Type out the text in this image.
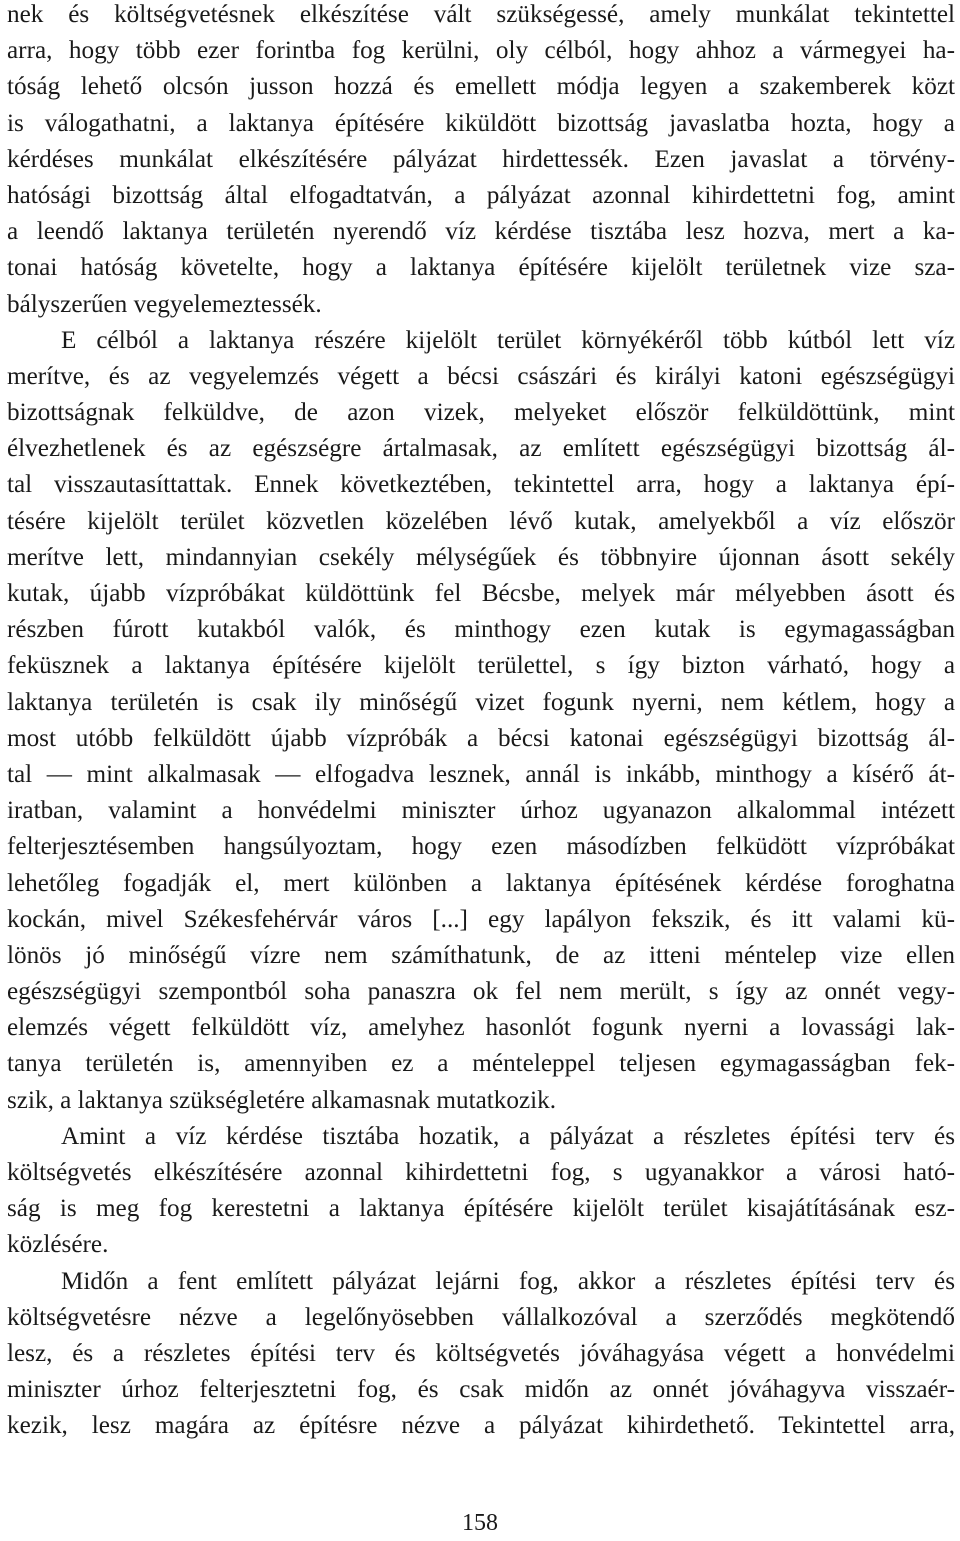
nek és költségvetésnek elkészítése vált szükségessé, amely munkálat tekintettel
arra, hogy több ezer forintba fog kerülni, oly célból, hogy ahhoz a vármegyei ha-
tóság lehető olcsón jusson hozzá és emellett módja legyen a szakemberek közt
is válogathatni, a laktanya építésére kiküldött bizottság javaslatba hozta, hogy a
kérdéses munkálat elkészítésére pályázat hirdettessék. Ezen javaslat a törvény-
hatósági bizottság által elfogadtatván, a pályázat azonnal kihirdettetni fog, amint
a leendő laktanya területén nyerendő víz kérdése tisztába lesz hozva, mert a ka-
tonai hatóság követelte, hogy a laktanya építésére kijelölt területnek vize sza-
bályszerűen vegyelemeztessék.
E célból a laktanya részére kijelölt terület környékéről több kútból lett víz
merítve, és az vegyelemzés végett a bécsi császári és királyi katoni egészségügyi
bizottságnak felküldve, de azon vizek, melyeket először felküldöttünk, mint
élvezhetlenek és az egészségre ártalmasak, az említett egészségügyi bizottság ál-
tal visszautasíttattak. Ennek következtében, tekintettel arra, hogy a laktanya épí-
tésére kijelölt terület közvetlen közelében lévő kutak, amelyekből a víz először
merítve lett, mindannyian csekély mélységűek és többnyire újonnan ásott sekély
kutak, újabb vízpróbákat küldöttünk fel Bécsbe, melyek már mélyebben ásott és
részben fúrott kutakból valók, és minthogy ezen kutak is egymagasságban
feküsznek a laktanya építésére kijelölt területtel, s így bizton várható, hogy a
laktanya területén is csak ily minőségű vizet fogunk nyerni, nem kétlem, hogy a
most utóbb felküldött újabb vízpróbák a bécsi katonai egészségügyi bizottság ál-
tal — mint alkalmasak — elfogadva lesznek, annál is inkább, minthogy a kísérő át-
iratban, valamint a honvédelmi miniszter úrhoz ugyanazon alkalommal intézett
felterjesztésemben hangsúlyoztam, hogy ezen másodízben felküdött vízpróbákat
lehetőleg fogadják el, mert különben a laktanya építésének kérdése foroghatna
kockán, mivel Székesfehérvár város [...] egy lapályon fekszik, és itt valami kü-
lönös jó minőségű vízre nem számíthatunk, de az itteni méntelep vize ellen
egészségügyi szempontból soha panaszra ok fel nem merült, s így az onnét vegy-
elemzés végett felküldött víz, amelyhez hasonlót fogunk nyerni a lovassági lak-
tanya területén is, amennyiben ez a ménteleppel teljesen egymagasságban fek-
szik, a laktanya szükségletére alkamasnak mutatkozik.
Amint a víz kérdése tisztába hozatik, a pályázat a részletes építési terv és
költségvetés elkészítésére azonnal kihirdettetni fog, s ugyanakkor a városi ható-
ság is meg fog kerestetni a laktanya építésére kijelölt terület kisajátításának esz-
közlésére.
Midőn a fent említett pályázat lejárni fog, akkor a részletes építési terv és
költségvetésre nézve a legelőnyösebben vállalkozóval a szerződés megkötendő
lesz, és a részletes építési terv és költségvetés jóváhagyása végett a honvédelmi
miniszter úrhoz felterjesztetni fog, és csak midőn az onnét jóváhagyva visszaér-
kezik, lesz magára az építésre nézve a pályázat kihirdethető. Tekintettel arra,
158
